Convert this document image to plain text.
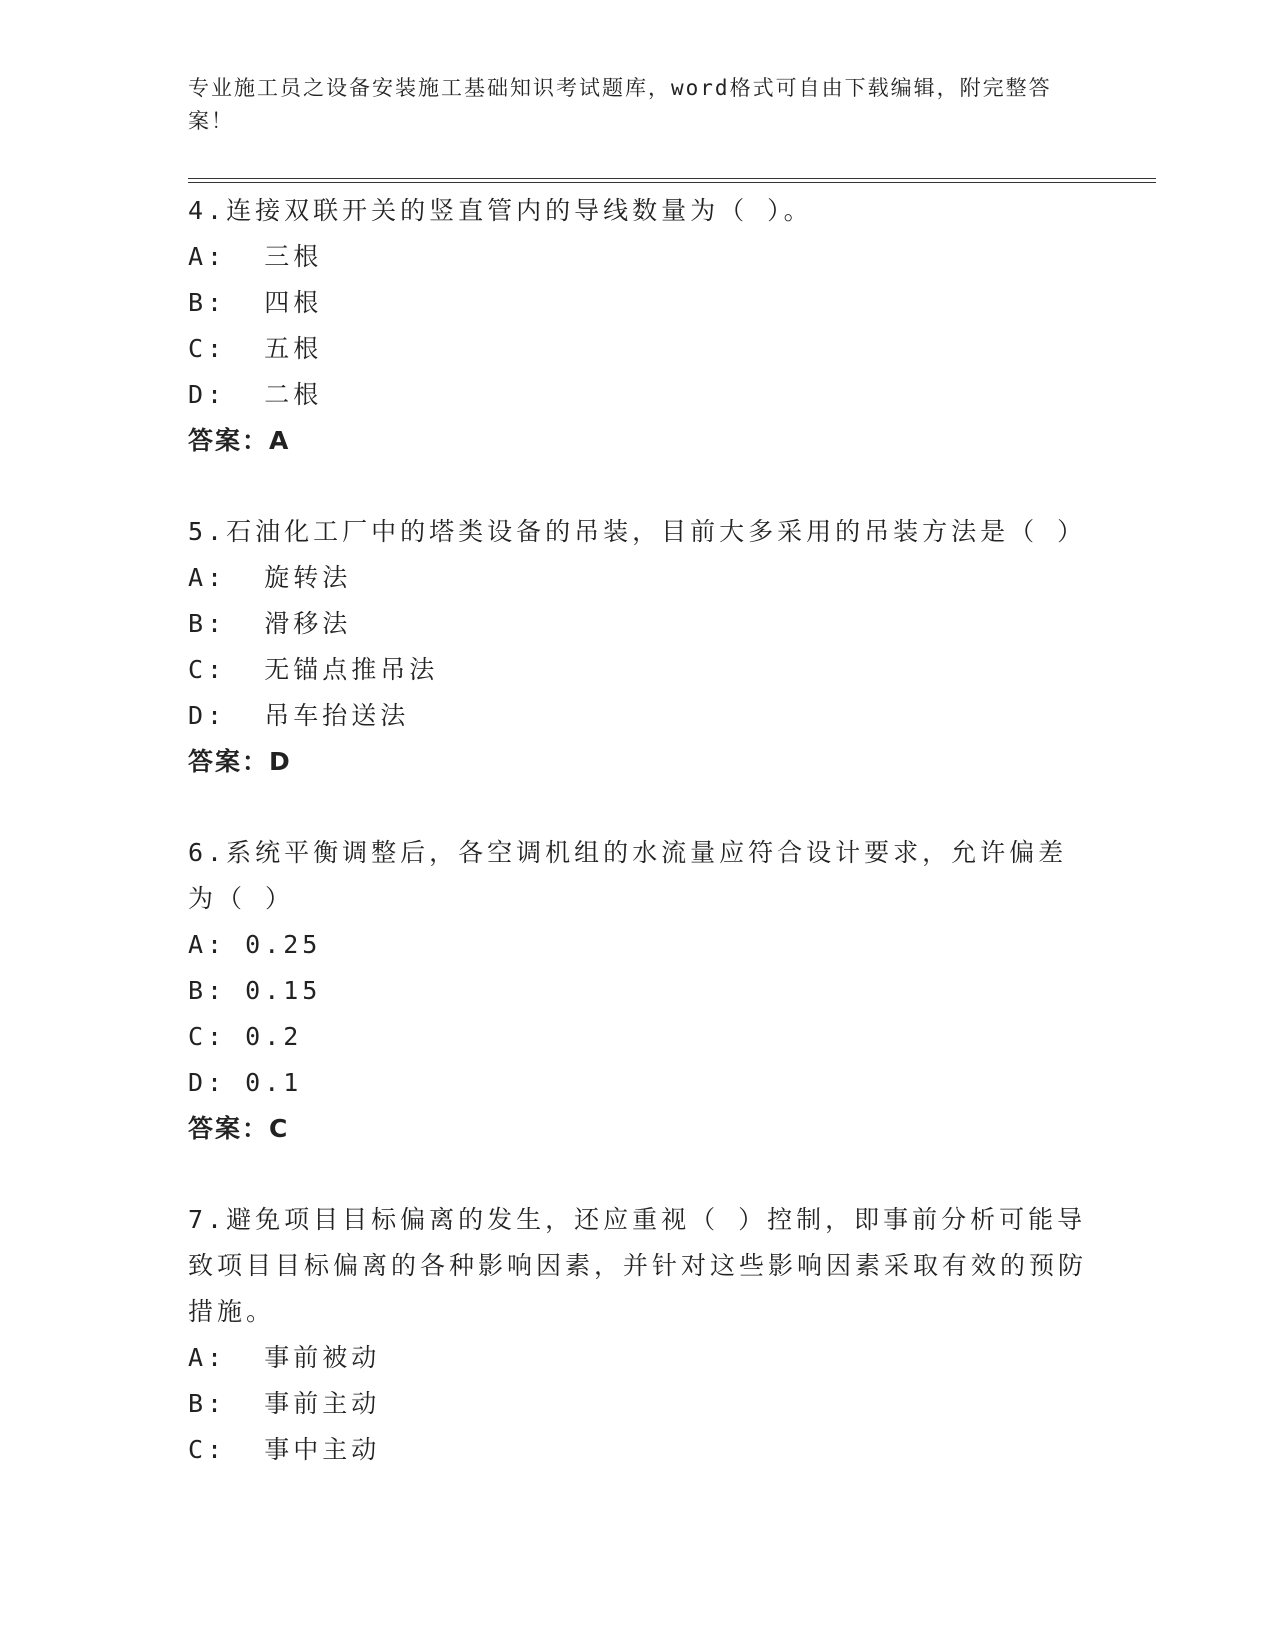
专业施工员之设备安装施工基础知识考试题库，word格式可自由下载编辑，附完整答案！

4.连接双联开关的竖直管内的导线数量为（ ）。

A:  三根

B:  四根

C:  五根

D:  二根

答案：A

5.石油化工厂中的塔类设备的吊装，目前大多采用的吊装方法是（ ）

A:  旋转法

B:  滑移法

C:  无锚点推吊法

D:  吊车抬送法

答案：D

6.系统平衡调整后，各空调机组的水流量应符合设计要求，允许偏差为（ ）

A: 0.25

B: 0.15

C: 0.2

D: 0.1

答案：C

7.避免项目目标偏离的发生，还应重视（ ）控制，即事前分析可能导致项目目标偏离的各种影响因素，并针对这些影响因素采取有效的预防措施。

A:  事前被动

B:  事前主动

C:  事中主动
